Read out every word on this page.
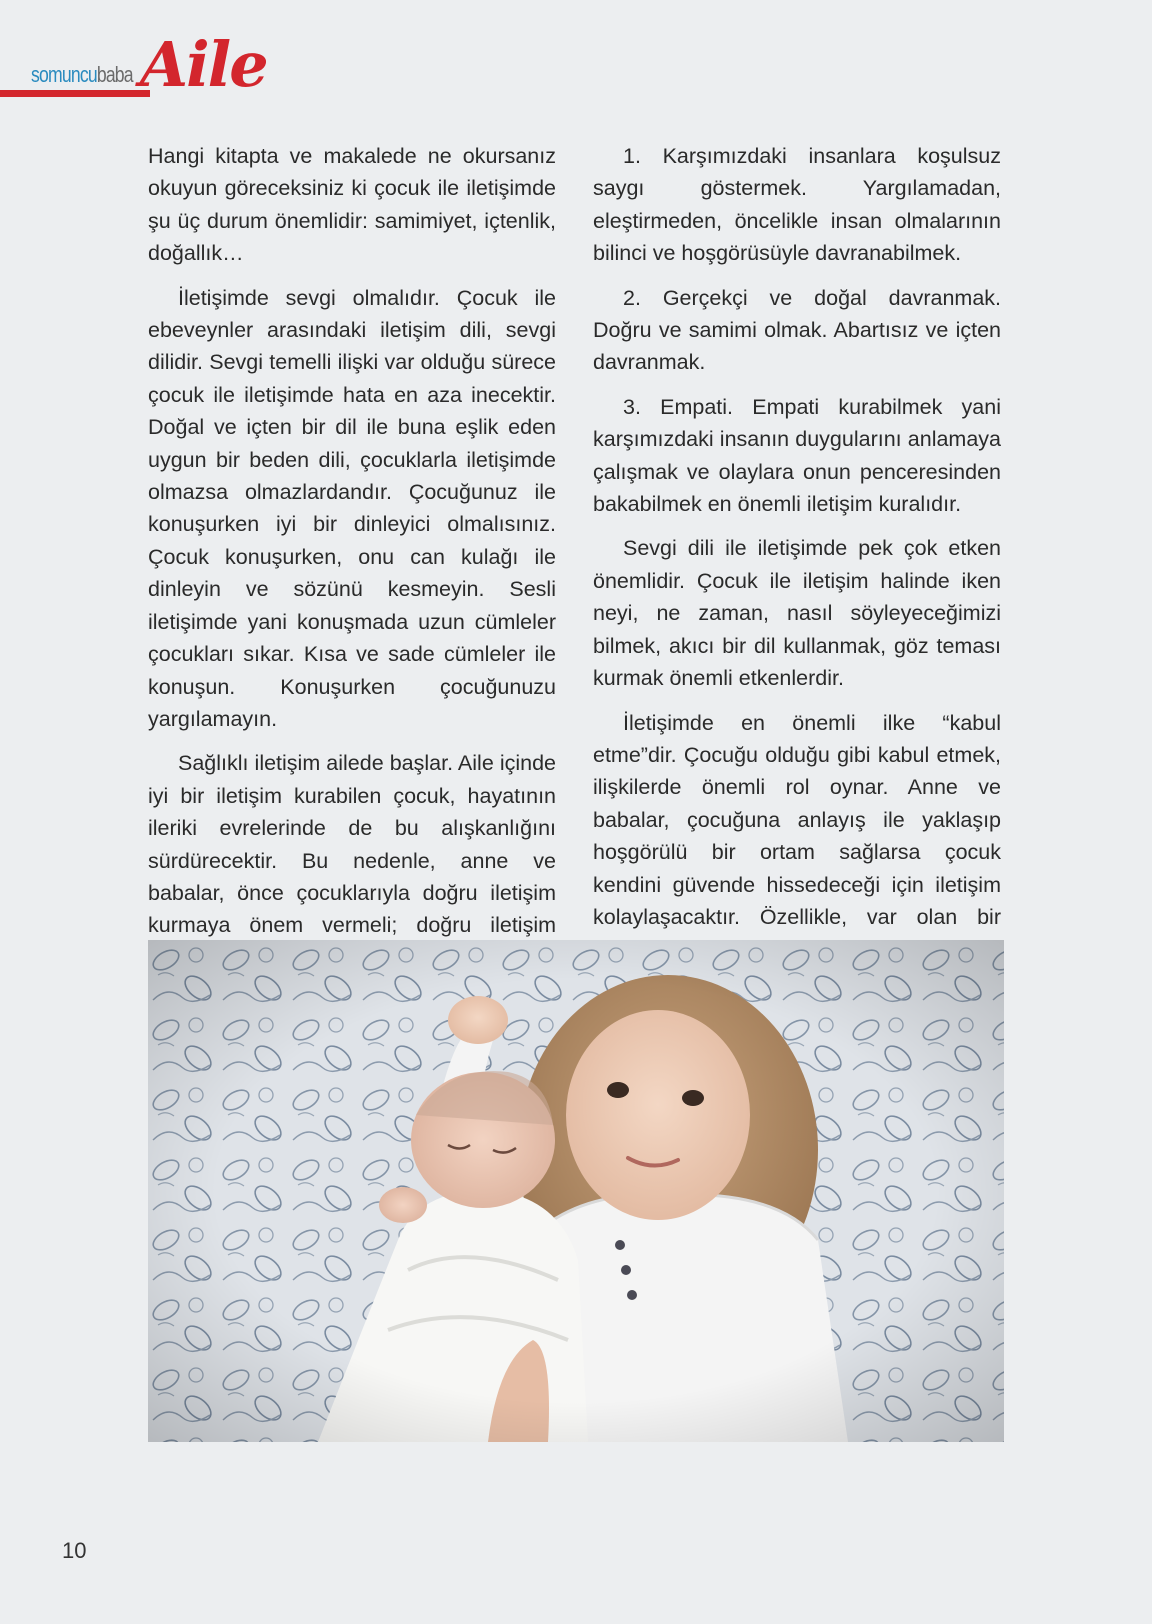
somuncubaba Aile

Hangi kitapta ve makalede ne okursanız okuyun göreceksiniz ki çocuk ile iletişimde şu üç durum önemlidir: samimiyet, içtenlik, doğallık…

İletişimde sevgi olmalıdır. Çocuk ile ebeveynler arasındaki iletişim dili, sevgi dilidir. Sevgi temelli ilişki var olduğu sürece çocuk ile iletişimde hata en aza inecektir. Doğal ve içten bir dil ile buna eşlik eden uygun bir beden dili, çocuklarla iletişimde olmazsa olmazlardandır. Çocuğunuz ile konuşurken iyi bir dinleyici olmalısınız. Çocuk konuşurken, onu can kulağı ile dinleyin ve sözünü kesmeyin. Sesli iletişimde yani konuşmada uzun cümleler çocukları sıkar. Kısa ve sade cümleler ile konuşun. Konuşurken çocuğunuzu yargılamayın.

Sağlıklı iletişim ailede başlar. Aile içinde iyi bir iletişim kurabilen çocuk, hayatının ileriki evrelerinde de bu alışkanlığını sürdürecektir. Bu nedenle, anne ve babalar, önce çocuklarıyla doğru iletişim kurmaya önem vermeli; doğru iletişim

1. Karşımızdaki insanlara koşulsuz saygı göstermek. Yargılamadan, eleştirmeden, öncelikle insan olmalarının bilinci ve hoşgörüsüyle davranabilmek.

2. Gerçekçi ve doğal davranmak. Doğru ve samimi olmak. Abartısız ve içten davranmak.

3. Empati. Empati kurabilmek yani karşımızdaki insanın duygularını anlamaya çalışmak ve olaylara onun penceresinden bakabilmek en önemli iletişim kuralıdır.

Sevgi dili ile iletişimde pek çok etken önemlidir. Çocuk ile iletişim halinde iken neyi, ne zaman, nasıl söyleyeceğimizi bilmek, akıcı bir dil kullanmak, göz teması kurmak önemli etkenlerdir.

İletişimde en önemli ilke “kabul etme”dir. Çocuğu olduğu gibi kabul etmek, ilişkilerde önemli rol oynar. Anne ve babalar, çocuğuna anlayış ile yaklaşıp hoşgörülü bir ortam sağlarsa çocuk kendini güvende hissedeceği için iletişim kolaylaşacaktır. Özellikle, var olan bir

10
